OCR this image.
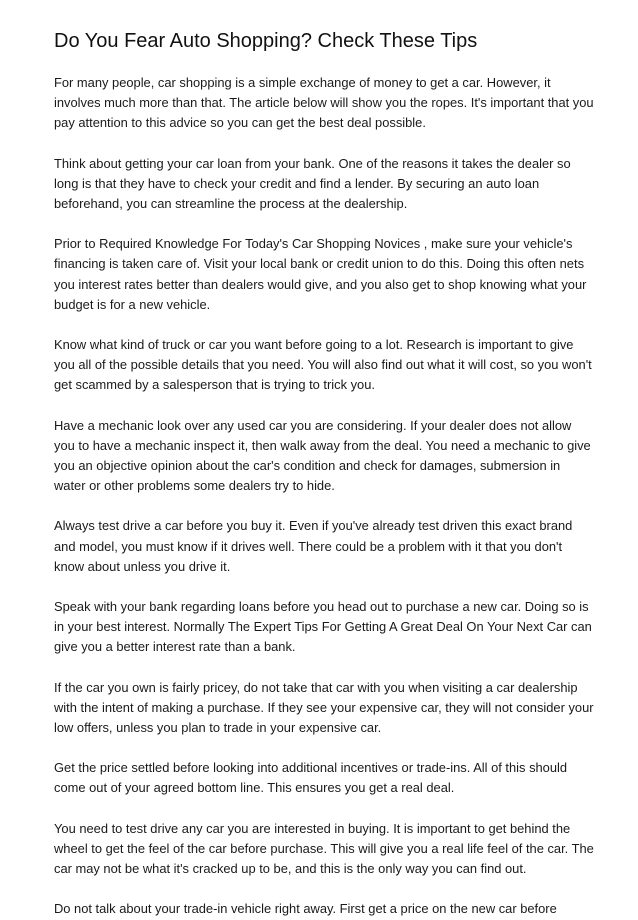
Do You Fear Auto Shopping? Check These Tips

For many people, car shopping is a simple exchange of money to get a car. However, it involves much more than that. The article below will show you the ropes. It's important that you pay attention to this advice so you can get the best deal possible.

Think about getting your car loan from your bank. One of the reasons it takes the dealer so long is that they have to check your credit and find a lender. By securing an auto loan beforehand, you can streamline the process at the dealership.

Prior to Required Knowledge For Today's Car Shopping Novices , make sure your vehicle's financing is taken care of. Visit your local bank or credit union to do this. Doing this often nets you interest rates better than dealers would give, and you also get to shop knowing what your budget is for a new vehicle.

Know what kind of truck or car you want before going to a lot. Research is important to give you all of the possible details that you need. You will also find out what it will cost, so you won't get scammed by a salesperson that is trying to trick you.

Have a mechanic look over any used car you are considering. If your dealer does not allow you to have a mechanic inspect it, then walk away from the deal. You need a mechanic to give you an objective opinion about the car's condition and check for damages, submersion in water or other problems some dealers try to hide.

Always test drive a car before you buy it. Even if you've already test driven this exact brand and model, you must know if it drives well. There could be a problem with it that you don't know about unless you drive it.

Speak with your bank regarding loans before you head out to purchase a new car. Doing so is in your best interest. Normally The Expert Tips For Getting A Great Deal On Your Next Car can give you a better interest rate than a bank.

If the car you own is fairly pricey, do not take that car with you when visiting a car dealership with the intent of making a purchase. If they see your expensive car, they will not consider your low offers, unless you plan to trade in your expensive car.

Get the price settled before looking into additional incentives or trade-ins. All of this should come out of your agreed bottom line. This ensures you get a real deal.

You need to test drive any car you are interested in buying. It is important to get behind the wheel to get the feel of the car before purchase. This will give you a real life feel of the car. The car may not be what it's cracked up to be, and this is the only way you can find out.

Do not talk about your trade-in vehicle right away. First get a price on the new car before
